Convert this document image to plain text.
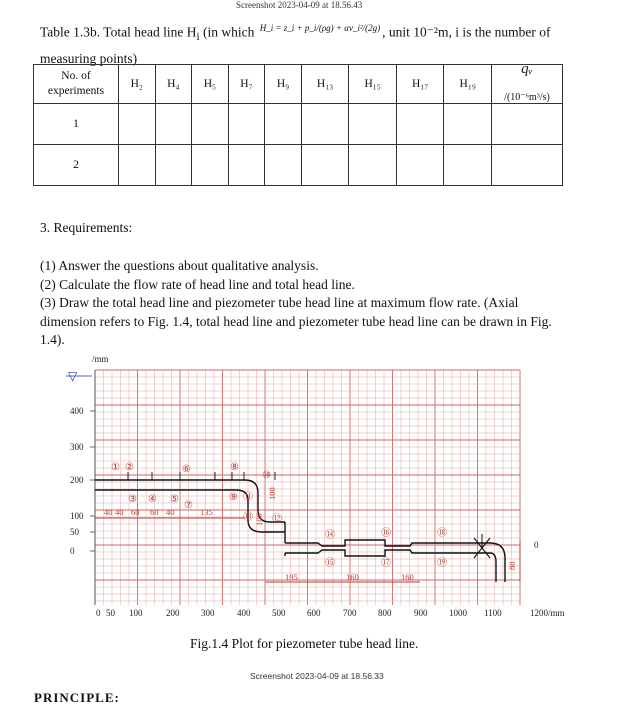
Screenshot 2023-04-09 at 18.56.43
Table 1.3b. Total head line $H_i$ (in which $^{H\_i = z\_i + p\_i/(\rho g) + \alpha v\_i^2/(2g)}$ , unit 10⁻²m, i is the number of measuring points)
No. of experiments	H₂	H₄	H₅	H₇	H₉	H₁₃	H₁₅	H₁₇	H₁₉	qᵥ
/(10⁻⁶m³/s)

1										
2										
3. Requirements:
(1) Answer the questions about qualitative analysis.
(2) Calculate the flow rate of head line and total head line.
(3) Draw the total head line and piezometer tube head line at maximum flow rate. (Axial dimension refers to Fig. 1.4, total head line and piezometer tube head line can be drawn in Fig. 1.4).
/mm
▽
400
300
200
100
50
0
0 50 100	200 300	400 500 600	700 800	900 1000 1100	1200/mm
40 40 60 60 40	135
195	160	160
100
100
80
0
① ②
③ ④ ⑤
⑥
⑦
⑧
⑨
⑩
⑪
⑫
⑬
⑭
⑮
⑯
⑰
⑱
⑲
Fig.1.4 Plot for piezometer tube head line.
Screenshot 2023-04-09 at 18.56.33
PRINCIPLE:
